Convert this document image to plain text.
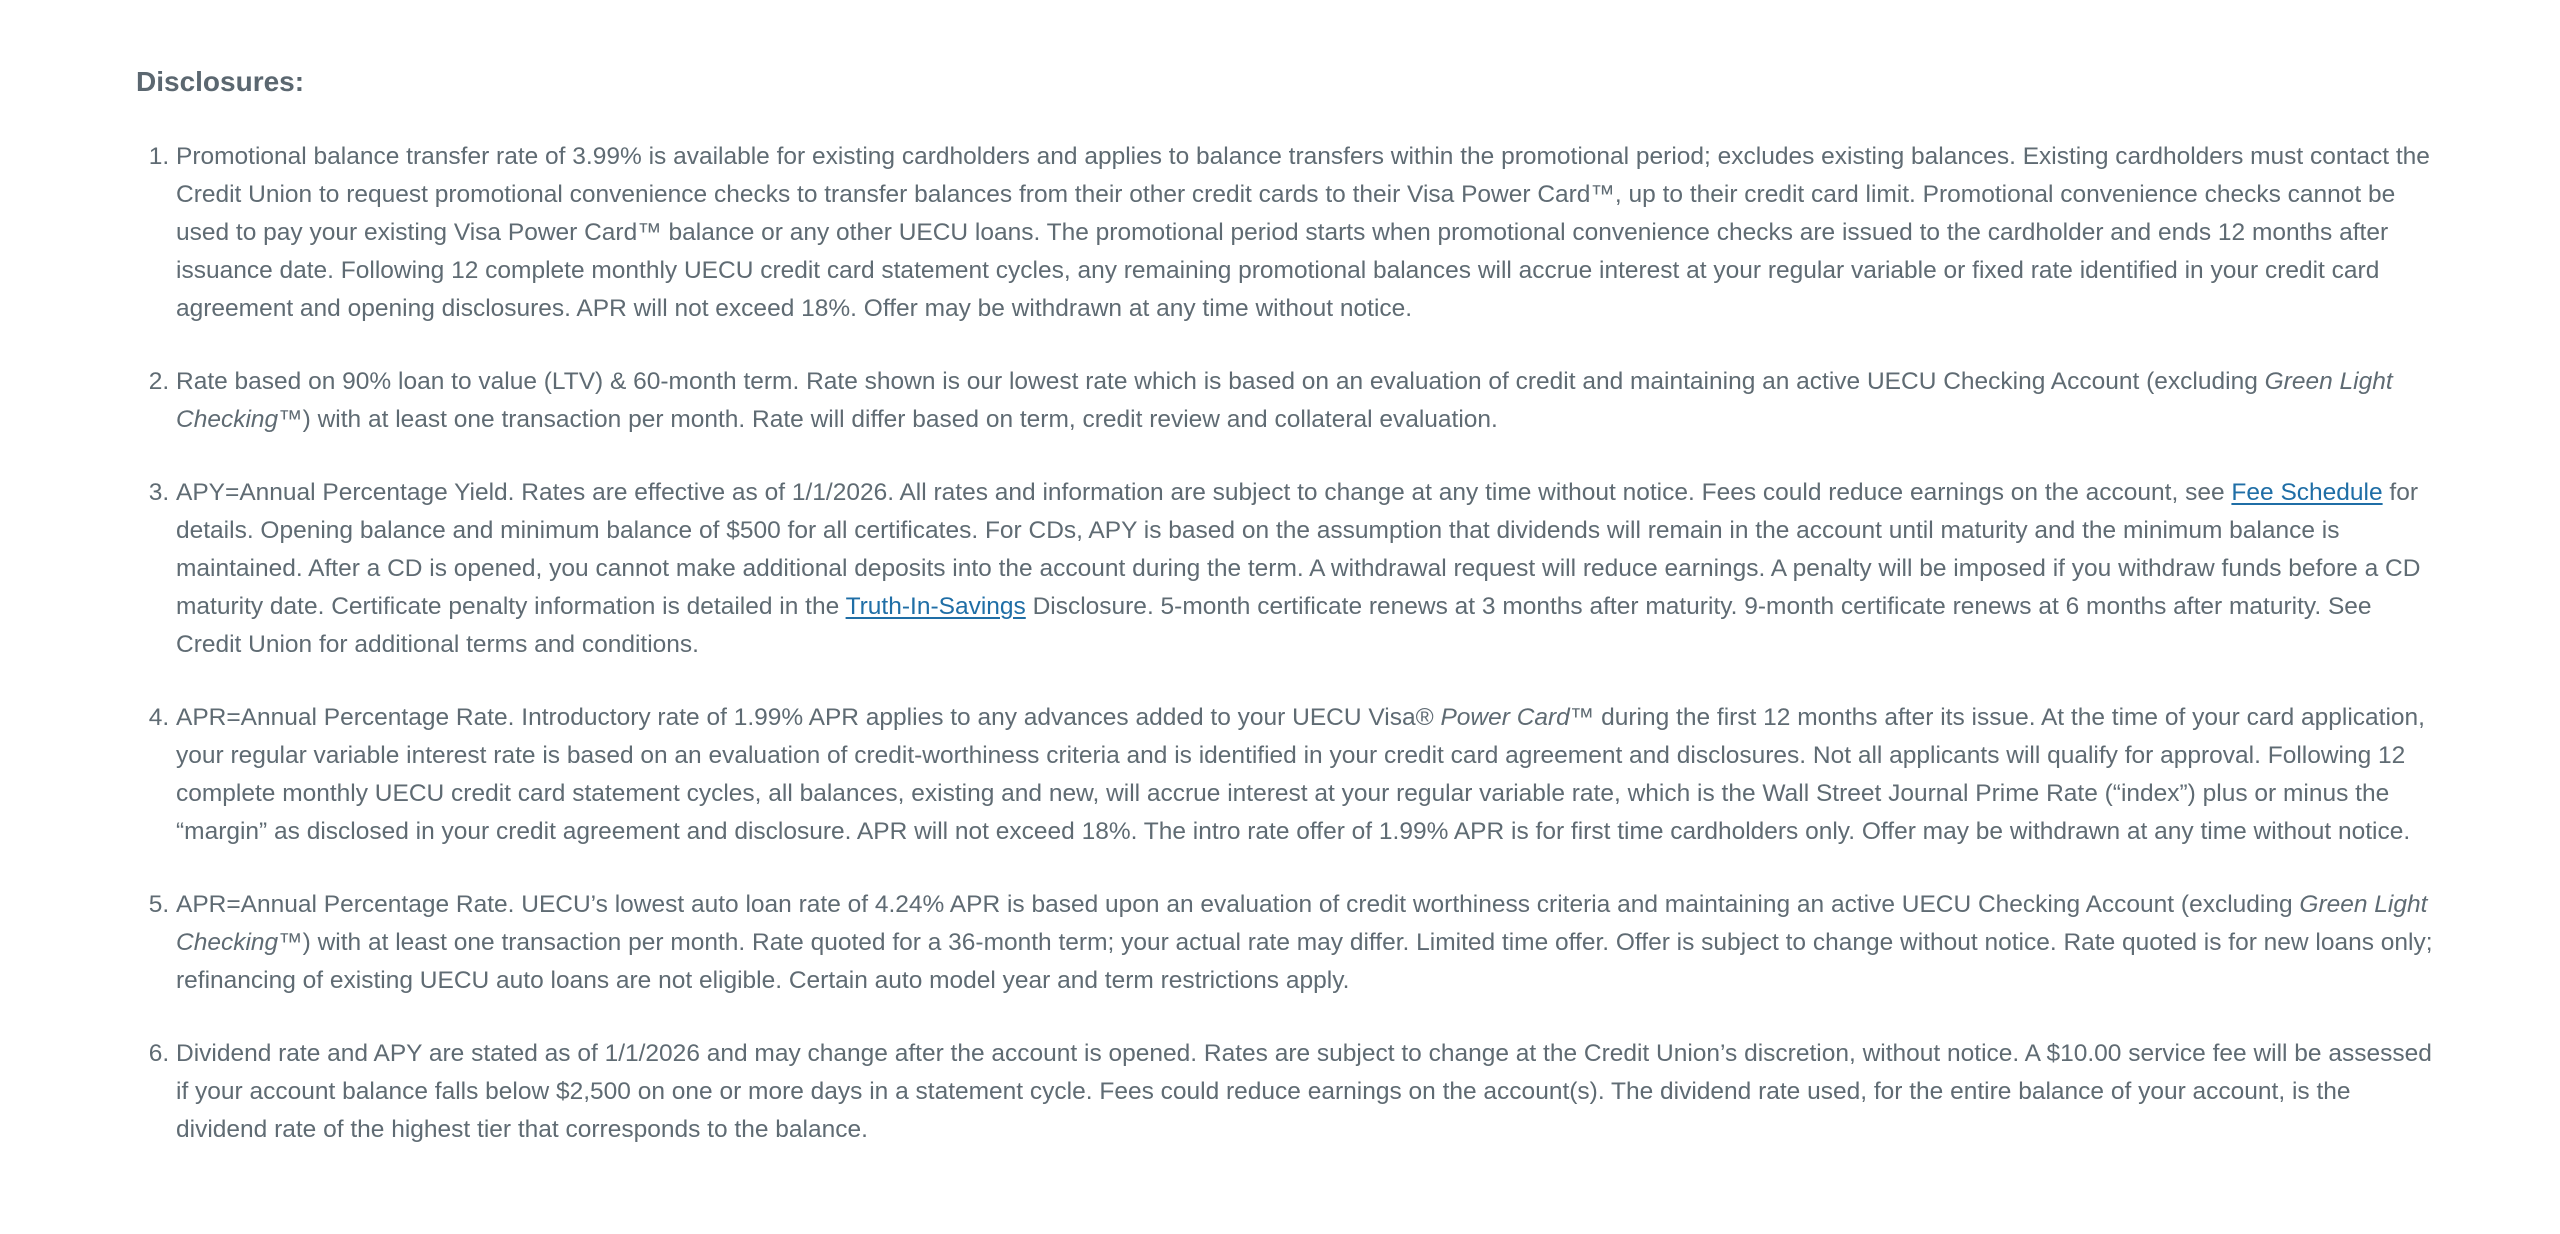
Disclosures:
1. Promotional balance transfer rate of 3.99% is available for existing cardholders and applies to balance transfers within the promotional period; excludes existing balances. Existing cardholders must contact the Credit Union to request promotional convenience checks to transfer balances from their other credit cards to their Visa Power Card™, up to their credit card limit. Promotional convenience checks cannot be used to pay your existing Visa Power Card™ balance or any other UECU loans. The promotional period starts when promotional convenience checks are issued to the cardholder and ends 12 months after issuance date. Following 12 complete monthly UECU credit card statement cycles, any remaining promotional balances will accrue interest at your regular variable or fixed rate identified in your credit card agreement and opening disclosures. APR will not exceed 18%. Offer may be withdrawn at any time without notice.
2. Rate based on 90% loan to value (LTV) & 60-month term. Rate shown is our lowest rate which is based on an evaluation of credit and maintaining an active UECU Checking Account (excluding Green Light Checking™) with at least one transaction per month. Rate will differ based on term, credit review and collateral evaluation.
3. APY=Annual Percentage Yield. Rates are effective as of 1/1/2026. All rates and information are subject to change at any time without notice. Fees could reduce earnings on the account, see Fee Schedule for details. Opening balance and minimum balance of $500 for all certificates. For CDs, APY is based on the assumption that dividends will remain in the account until maturity and the minimum balance is maintained. After a CD is opened, you cannot make additional deposits into the account during the term. A withdrawal request will reduce earnings. A penalty will be imposed if you withdraw funds before a CD maturity date. Certificate penalty information is detailed in the Truth-In-Savings Disclosure. 5-month certificate renews at 3 months after maturity. 9-month certificate renews at 6 months after maturity. See Credit Union for additional terms and conditions.
4. APR=Annual Percentage Rate. Introductory rate of 1.99% APR applies to any advances added to your UECU Visa® Power Card™ during the first 12 months after its issue. At the time of your card application, your regular variable interest rate is based on an evaluation of credit-worthiness criteria and is identified in your credit card agreement and disclosures. Not all applicants will qualify for approval. Following 12 complete monthly UECU credit card statement cycles, all balances, existing and new, will accrue interest at your regular variable rate, which is the Wall Street Journal Prime Rate (“index”) plus or minus the “margin” as disclosed in your credit agreement and disclosure. APR will not exceed 18%. The intro rate offer of 1.99% APR is for first time cardholders only. Offer may be withdrawn at any time without notice.
5. APR=Annual Percentage Rate. UECU’s lowest auto loan rate of 4.24% APR is based upon an evaluation of credit worthiness criteria and maintaining an active UECU Checking Account (excluding Green Light Checking™) with at least one transaction per month. Rate quoted for a 36-month term; your actual rate may differ. Limited time offer. Offer is subject to change without notice. Rate quoted is for new loans only; refinancing of existing UECU auto loans are not eligible. Certain auto model year and term restrictions apply.
6. Dividend rate and APY are stated as of 1/1/2026 and may change after the account is opened. Rates are subject to change at the Credit Union’s discretion, without notice. A $10.00 service fee will be assessed if your account balance falls below $2,500 on one or more days in a statement cycle. Fees could reduce earnings on the account(s). The dividend rate used, for the entire balance of your account, is the dividend rate of the highest tier that corresponds to the balance.
